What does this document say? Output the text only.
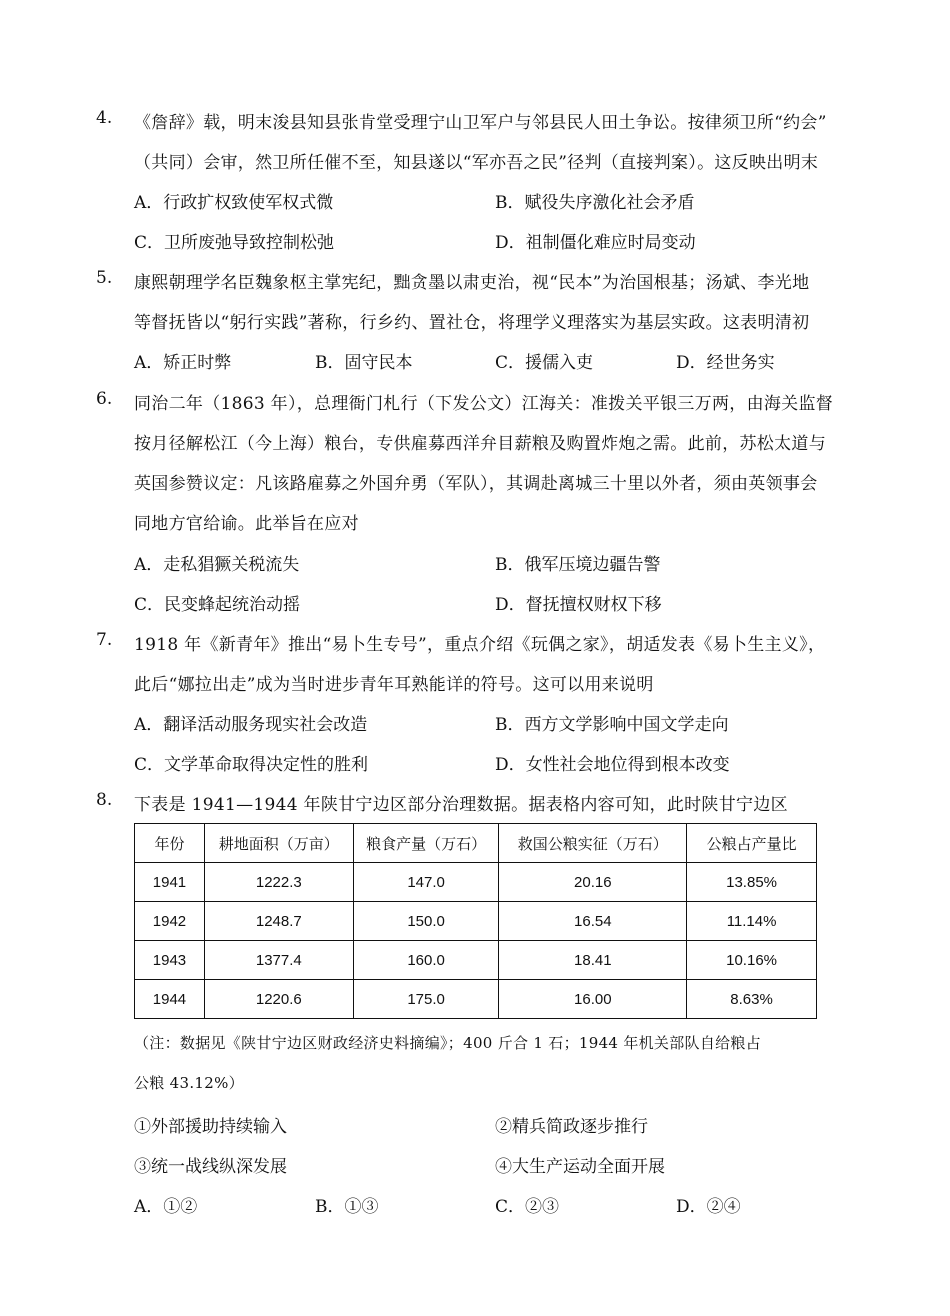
4. 《詹辞》载，明末浚县知县张肯堂受理宁山卫军户与邻县民人田土争讼。按律须卫所“约会”
（共同）会审，然卫所任催不至，知县遂以“军亦吾之民”径判（直接判案）。这反映出明末
A．行政扩权致使军权式微	B．赋役失序激化社会矛盾
C．卫所废弛导致控制松弛	D．祖制僵化难应时局变动
5. 康熙朝理学名臣魏象枢主掌宪纪，黜贪墨以肃吏治，视“民本”为治国根基；汤斌、李光地
等督抚皆以“躬行实践”著称，行乡约、置社仓，将理学义理落实为基层实政。这表明清初
A．矫正时弊	B．固守民本	C．援儒入吏	D．经世务实
6. 同治二年（1863 年），总理衙门札行（下发公文）江海关：准拨关平银三万两，由海关监督
按月径解松江（今上海）粮台，专供雇募西洋弁目薪粮及购置炸炮之需。此前，苏松太道与
英国参赞议定：凡该路雇募之外国弁勇（军队），其调赴离城三十里以外者，须由英领事会
同地方官给谕。此举旨在应对
A．走私猖獗关税流失	B．俄军压境边疆告警
C．民变蜂起统治动摇	D．督抚擅权财权下移
7. 1918 年《新青年》推出“易卜生专号”，重点介绍《玩偶之家》，胡适发表《易卜生主义》，
此后“娜拉出走”成为当时进步青年耳熟能详的符号。这可以用来说明
A．翻译活动服务现实社会改造	B．西方文学影响中国文学走向
C．文学革命取得决定性的胜利	D．女性社会地位得到根本改变
8. 下表是 1941—1944 年陕甘宁边区部分治理数据。据表格内容可知，此时陕甘宁边区
年份	耕地面积（万亩）	粮食产量（万石）	救国公粮实征（万石）	公粮占产量比
1941	1222.3	147.0	20.16	13.85%
1942	1248.7	150.0	16.54	11.14%
1943	1377.4	160.0	18.41	10.16%
1944	1220.6	175.0	16.00	8.63%
（注：数据见《陕甘宁边区财政经济史料摘编》；400 斤合 1 石；1944 年机关部队自给粮占
公粮 43.12%）
①外部援助持续输入	②精兵简政逐步推行
③统一战线纵深发展	④大生产运动全面开展
A．①②	B．①③	C．②③	D．②④
